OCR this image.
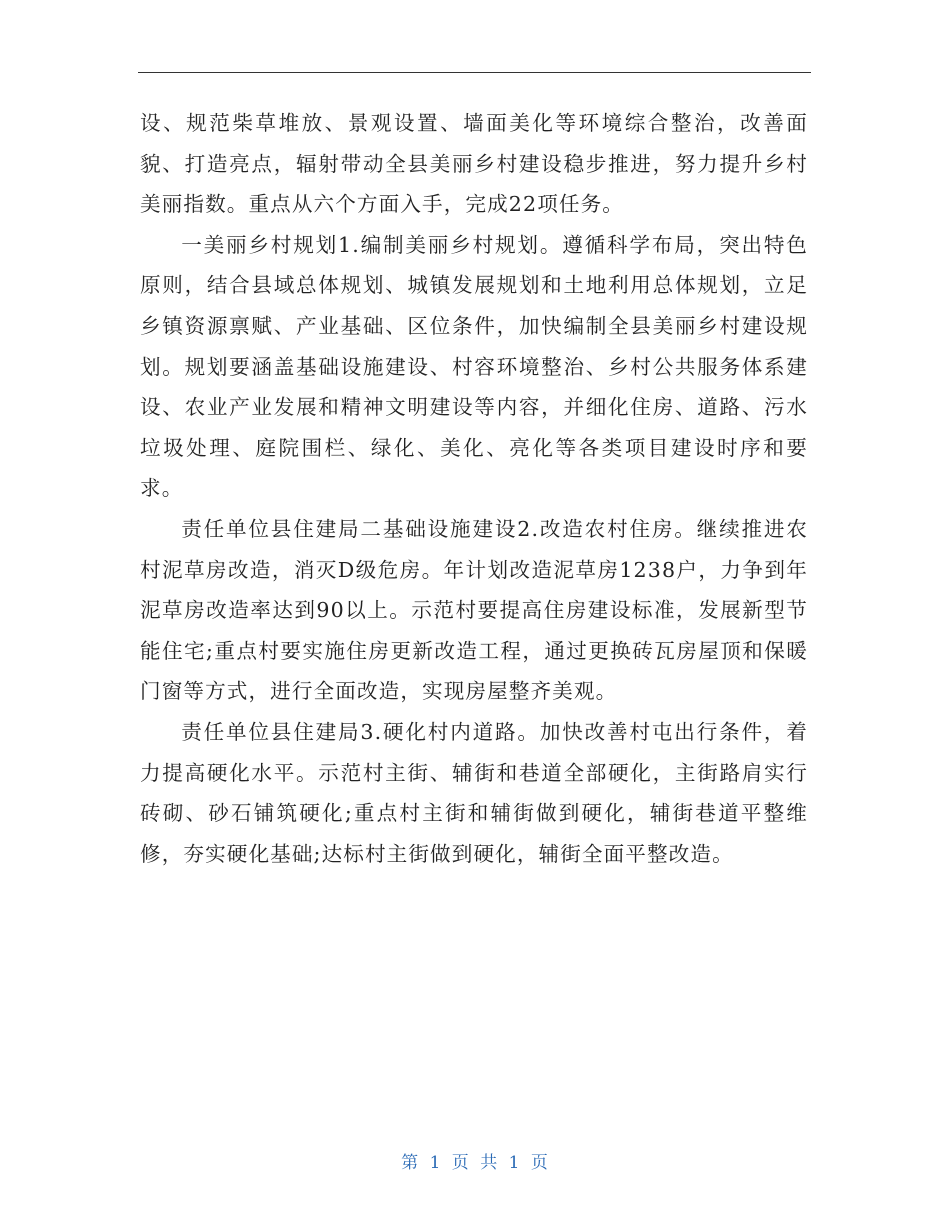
设、规范柴草堆放、景观设置、墙面美化等环境综合整治，改善面貌、打造亮点，辐射带动全县美丽乡村建设稳步推进，努力提升乡村美丽指数。重点从六个方面入手，完成22项任务。

一美丽乡村规划1.编制美丽乡村规划。遵循科学布局，突出特色原则，结合县域总体规划、城镇发展规划和土地利用总体规划，立足乡镇资源禀赋、产业基础、区位条件，加快编制全县美丽乡村建设规划。规划要涵盖基础设施建设、村容环境整治、乡村公共服务体系建设、农业产业发展和精神文明建设等内容，并细化住房、道路、污水垃圾处理、庭院围栏、绿化、美化、亮化等各类项目建设时序和要求。

责任单位县住建局二基础设施建设2.改造农村住房。继续推进农村泥草房改造，消灭D级危房。年计划改造泥草房1238户，力争到年泥草房改造率达到90以上。示范村要提高住房建设标准，发展新型节能住宅;重点村要实施住房更新改造工程，通过更换砖瓦房屋顶和保暖门窗等方式，进行全面改造，实现房屋整齐美观。

责任单位县住建局3.硬化村内道路。加快改善村屯出行条件，着力提高硬化水平。示范村主街、辅街和巷道全部硬化，主街路肩实行砖砌、砂石铺筑硬化;重点村主街和辅街做到硬化，辅街巷道平整维修，夯实硬化基础;达标村主街做到硬化，辅街全面平整改造。

第 1 页 共 1 页
